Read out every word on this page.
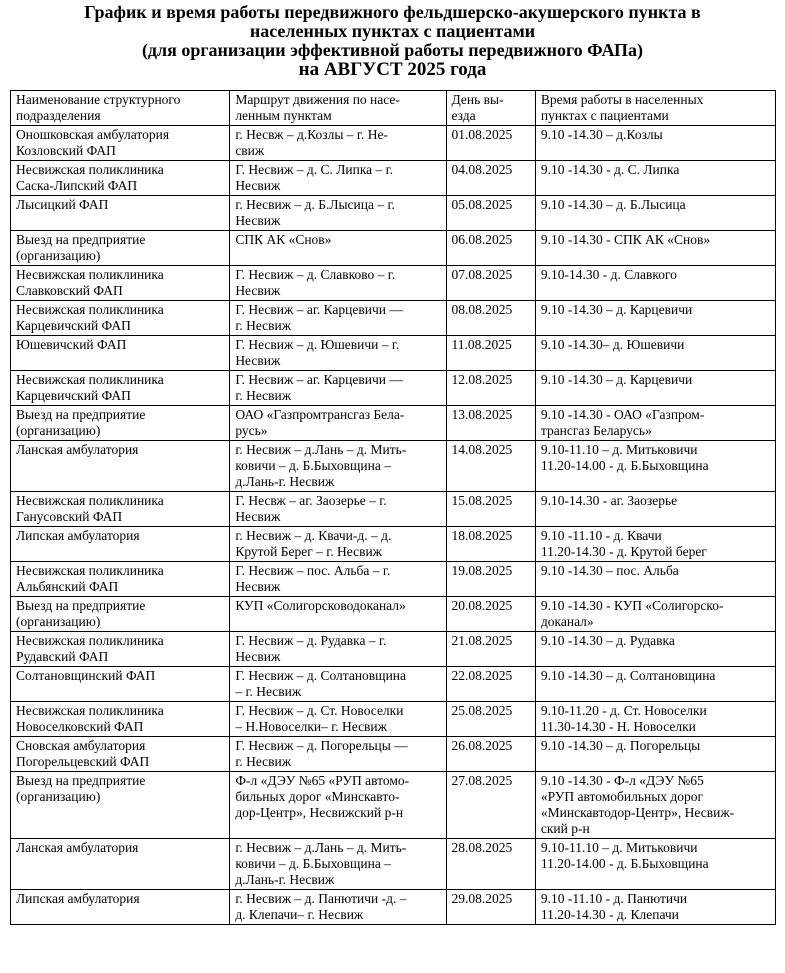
График и время работы передвижного фельдшерско-акушерского пункта в
населенных пунктах с пациентами
(для организации эффективной работы передвижного ФАПа)
на АВГУСТ 2025 года
Наименование структурного
подразделения	Маршрут движения по насе-
ленным пунктам	День вы-
езда	Время работы в населенных
пунктах с пациентами

Оношковская амбулатория
Козловский ФАП	г. Несвж – д.Козлы – г. Не-
свиж	01.08.2025	9.10 -14.30 – д.Козлы

Несвижская поликлиника
Саска-Липский ФАП	Г. Несвиж – д. С. Липка – г.
Несвиж	04.08.2025	9.10 -14.30 - д. С. Липка

Лысицкий ФАП	г. Несвиж – д. Б.Лысица – г.
Несвиж	05.08.2025	9.10 -14.30 – д. Б.Лысица

Выезд на предприятие
(организацию)	СПК АК «Снов»	06.08.2025	9.10 -14.30 - СПК АК «Снов»

Несвижская поликлиника
Славковский ФАП	Г. Несвиж – д. Славково – г.
Несвиж	07.08.2025	9.10-14.30 - д. Славкого

Несвижская поликлиника
Карцевичский ФАП	Г. Несвиж – аг. Карцевичи —
г. Несвиж	08.08.2025	9.10 -14.30 – д. Карцевичи

Юшевичский ФАП	Г. Несвиж – д. Юшевичи – г.
Несвиж	11.08.2025	9.10 -14.30– д. Юшевичи

Несвижская поликлиника
Карцевичский ФАП	Г. Несвиж – аг. Карцевичи —
г. Несвиж	12.08.2025	9.10 -14.30 – д. Карцевичи

Выезд на предприятие
(организацию)	ОАО «Газпромтрансгаз Бела-
русь»	13.08.2025	9.10 -14.30 - ОАО «Газпром-
трансгаз Беларусь»

Ланская амбулатория	г. Несвиж – д.Лань – д. Мить-
ковичи – д. Б.Быховщина –
д.Лань-г. Несвиж	14.08.2025	9.10-11.10 – д. Митьковичи
11.20-14.00 - д. Б.Быховщина

Несвижская поликлиника
Ганусовский ФАП	Г. Несвж – аг. Заозерье – г.
Несвиж	15.08.2025	9.10-14.30 - аг. Заозерье

Липская амбулатория	г. Несвиж – д. Квачи-д. – д.
Крутой Берег – г. Несвиж	18.08.2025	9.10 -11.10 - д. Квачи
11.20-14.30 - д. Крутой берег

Несвижская поликлиника
Альбянский ФАП	Г. Несвиж – пос. Альба – г.
Несвиж	19.08.2025	9.10 -14.30 – пос. Альба

Выезд на предприятие
(организацию)	КУП «Солигорсководоканал»	20.08.2025	9.10 -14.30 - КУП «Солигорско-
доканал»

Несвижская поликлиника
Рудавский ФАП	Г. Несвиж – д. Рудавка – г.
Несвиж	21.08.2025	9.10 -14.30 – д. Рудавка

Солтановщинский ФАП	Г. Несвиж – д. Солтановщина
– г. Несвиж	22.08.2025	9.10 -14.30 – д. Солтановщина

Несвижская поликлиника
Новоселковский ФАП	Г. Несвиж – д. Ст. Новоселки
– Н.Новоселки– г. Несвиж	25.08.2025	9.10-11.20 - д. Ст. Новоселки
11.30-14.30 - Н. Новоселки

Сновская амбулатория
Погорельцевский ФАП	Г. Несвиж – д. Погорельцы —
г. Несвиж	26.08.2025	9.10 -14.30 – д. Погорельцы

Выезд на предприятие
(организацию)	Ф-л «ДЭУ №65 «РУП автомо-
бильных дорог «Минскавтo-
дор-Центр», Несвижский р-н	27.08.2025	9.10 -14.30 - Ф-л «ДЭУ №65
«РУП автомобильных дорог
«Минскавтодор-Центр», Несвиж-
ский р-н

Ланская амбулатория	г. Несвиж – д.Лань – д. Мить-
ковичи – д. Б.Быховщина –
д.Лань-г. Несвиж	28.08.2025	9.10-11.10 – д. Митьковичи
11.20-14.00 - д. Б.Быховщина

Липская амбулатория	г. Несвиж – д. Панютичи -д. –
д. Клепачи– г. Несвиж	29.08.2025	9.10 -11.10 - д. Панютичи
11.20-14.30 - д. Клепачи
